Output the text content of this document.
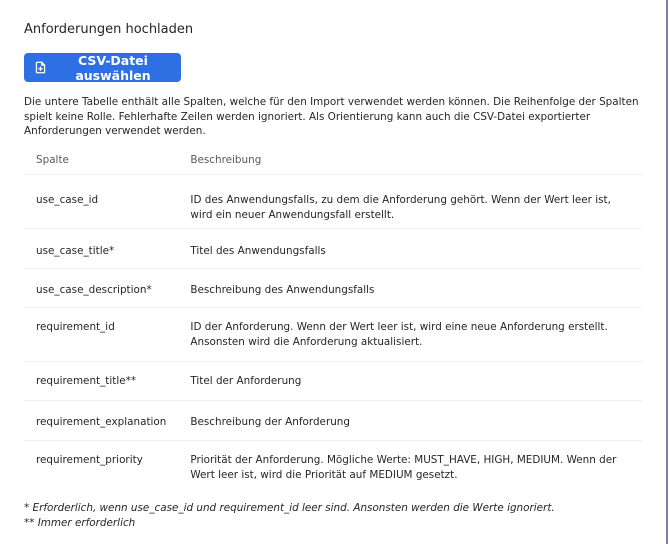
Anforderungen hochladen
CSV-Datei auswählen

Die untere Tabelle enthält alle Spalten, welche für den Import verwendet werden können. Die Reihenfolge der Spalten spielt keine Rolle. Fehlerhafte Zeilen werden ignoriert. Als Orientierung kann auch die CSV-Datei exportierter Anforderungen verwendet werden.

Spalte	Beschreibung
use_case_id	ID des Anwendungsfalls, zu dem die Anforderung gehört. Wenn der Wert leer ist, wird ein neuer Anwendungsfall erstellt.
use_case_title*	Titel des Anwendungsfalls
use_case_description*	Beschreibung des Anwendungsfalls
requirement_id	ID der Anforderung. Wenn der Wert leer ist, wird eine neue Anforderung erstellt. Ansonsten wird die Anforderung aktualisiert.
requirement_title**	Titel der Anforderung
requirement_explanation	Beschreibung der Anforderung
requirement_priority	Priorität der Anforderung. Mögliche Werte: MUST_HAVE, HIGH, MEDIUM. Wenn der Wert leer ist, wird die Priorität auf MEDIUM gesetzt.
* Erforderlich, wenn use_case_id und requirement_id leer sind. Ansonsten werden die Werte ignoriert.
** Immer erforderlich
